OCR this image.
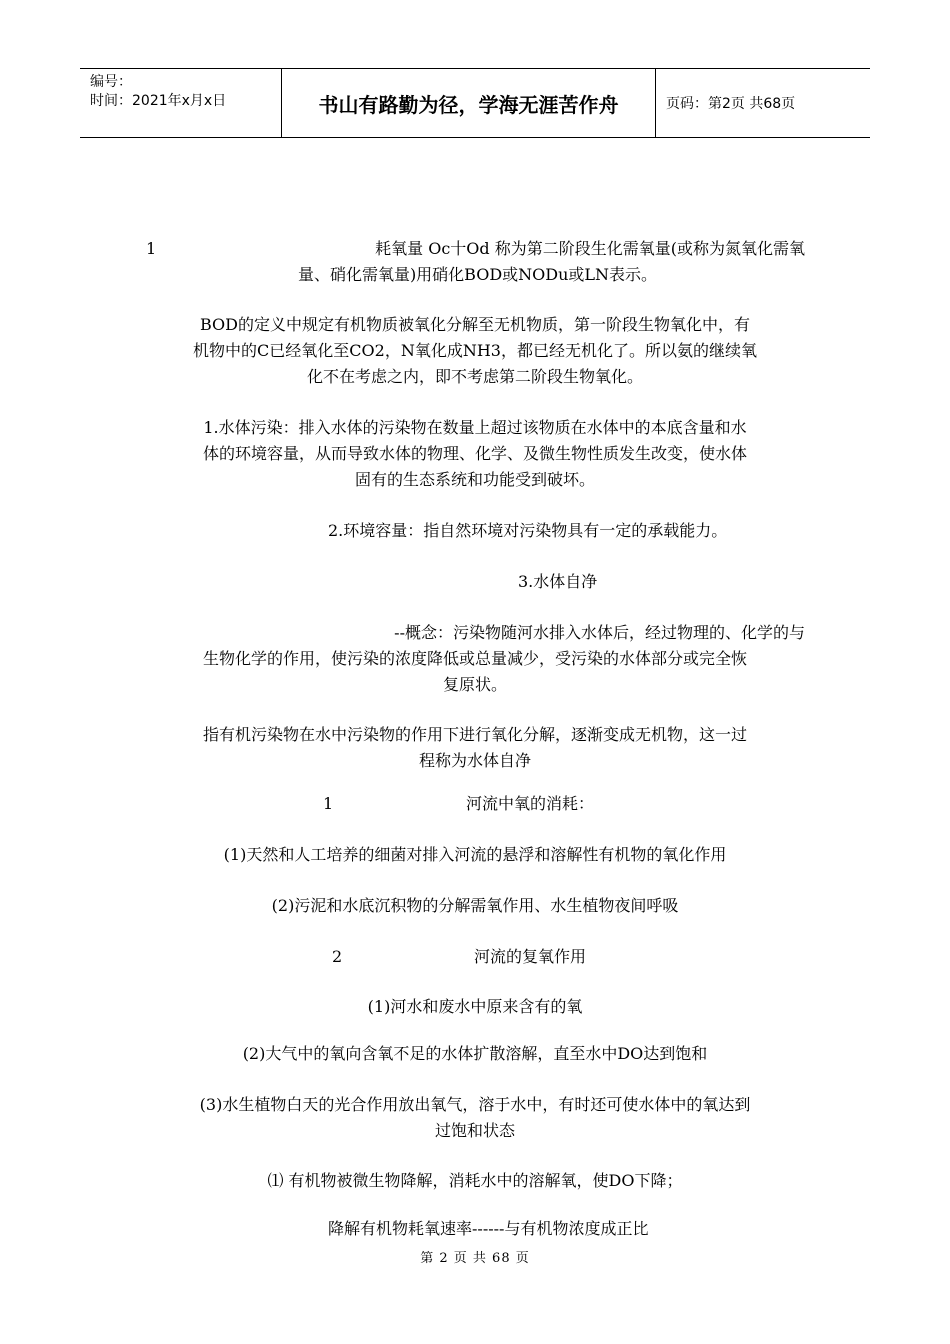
编号：
时间：2021年x月x日	书山有路勤为径，学海无涯苦作舟	页码：第2页 共68页
1	耗氧量 Oc十Od 称为第二阶段生化需氧量(或称为氮氧化需氧

量、硝化需氧量)用硝化BOD或NODu或LN表示。

BOD的定义中规定有机物质被氧化分解至无机物质，第一阶段生物氧化中，有

机物中的C已经氧化至CO2，N氧化成NH3，都已经无机化了。所以氨的继续氧

化不在考虑之内，即不考虑第二阶段生物氧化。

1.水体污染：排入水体的污染物在数量上超过该物质在水体中的本底含量和水

体的环境容量，从而导致水体的物理、化学、及微生物性质发生改变，使水体

固有的生态系统和功能受到破坏。

2.环境容量：指自然环境对污染物具有一定的承载能力。

3.水体自净

--概念：污染物随河水排入水体后，经过物理的、化学的与

生物化学的作用，使污染的浓度降低或总量减少，受污染的水体部分或完全恢

复原状。

指有机污染物在水中污染物的作用下进行氧化分解，逐渐变成无机物，这一过

程称为水体自净

1	河流中氧的消耗：

(1)天然和人工培养的细菌对排入河流的悬浮和溶解性有机物的氧化作用

(2)污泥和水底沉积物的分解需氧作用、水生植物夜间呼吸

2	河流的复氧作用

(1)河水和废水中原来含有的氧

(2)大气中的氧向含氧不足的水体扩散溶解，直至水中DO达到饱和

(3)水生植物白天的光合作用放出氧气，溶于水中，有时还可使水体中的氧达到

过饱和状态

⑴ 有机物被微生物降解，消耗水中的溶解氧，使DO下降；

降解有机物耗氧速率------与有机物浓度成正比

第 2 页 共 68 页
